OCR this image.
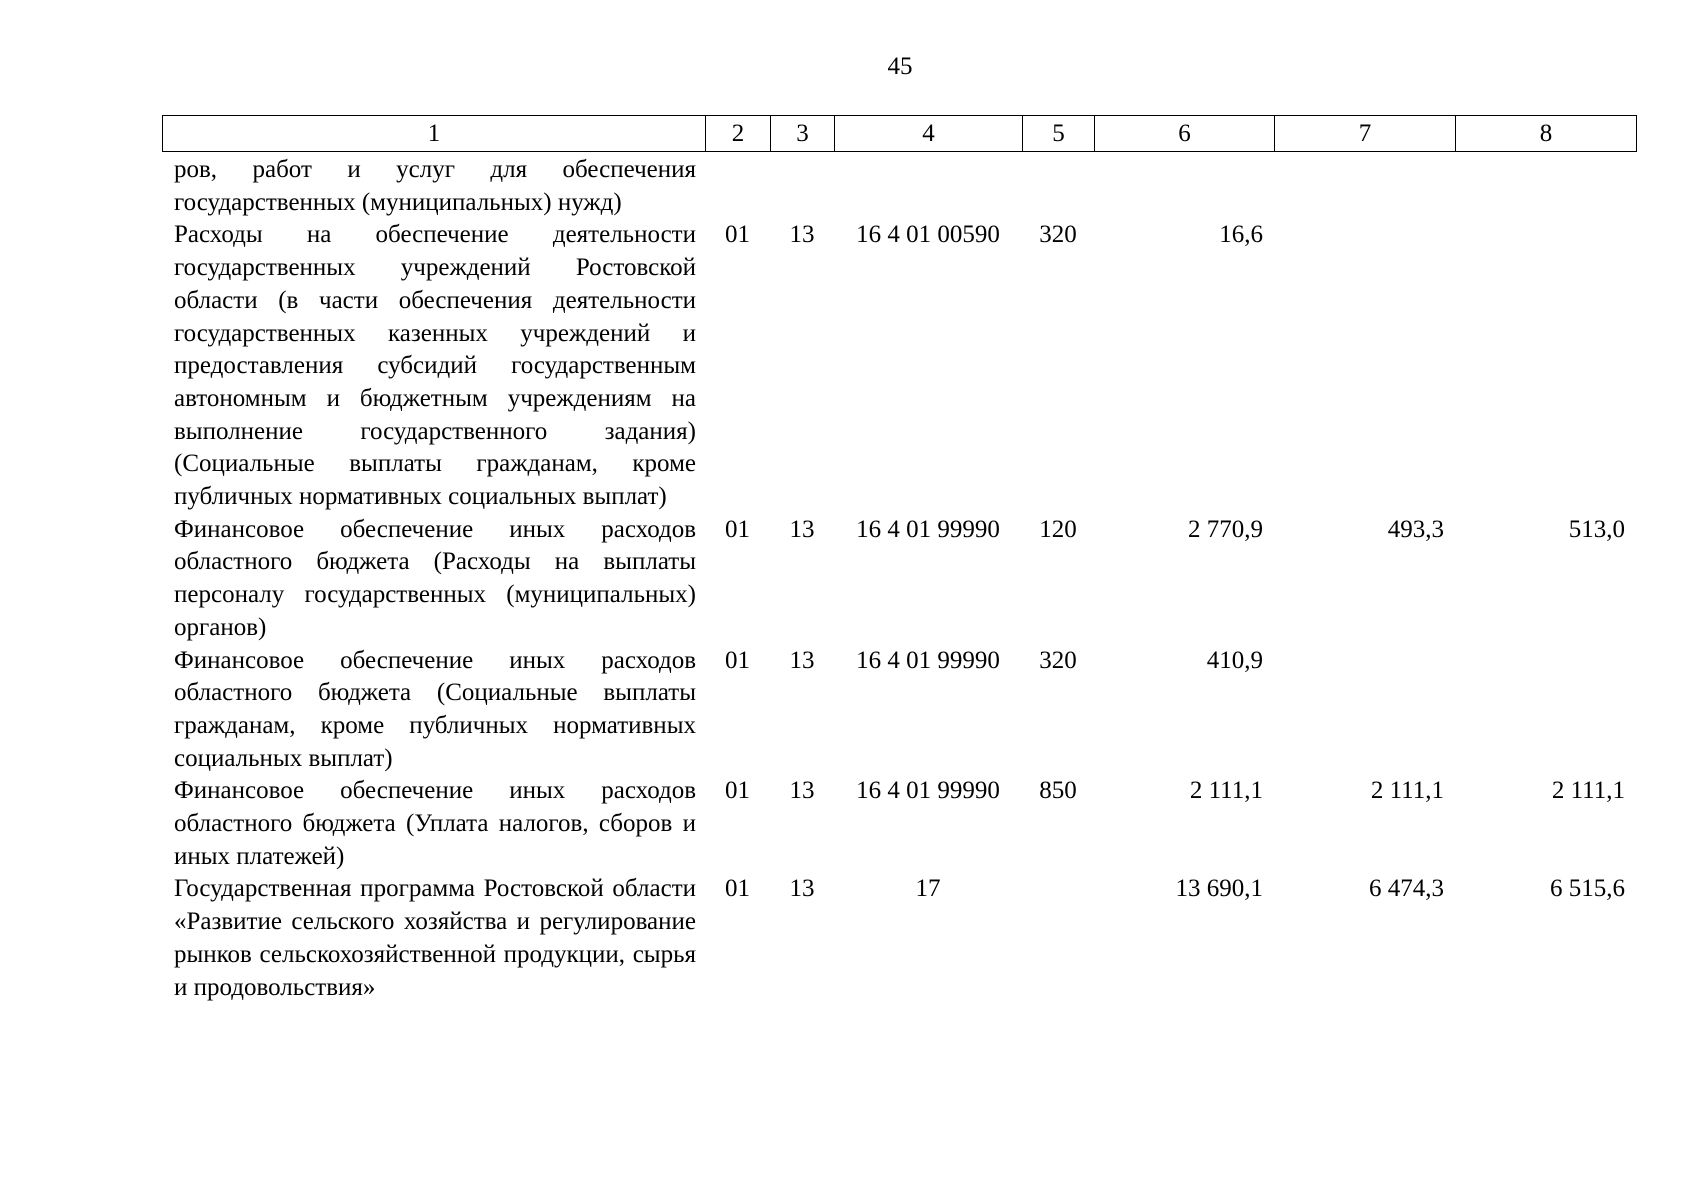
45
1	2	3	4	5	6	7	8
ров, работ и услуг для обеспечения государственных (муниципальных) нужд)							
Расходы на обеспечение деятельности государственных учреждений Ростовской области (в части обеспечения деятельности государственных казенных учреждений и предоставления субсидий государственным автономным и бюджетным учреждениям на выполнение государственного задания) (Социальные выплаты гражданам, кроме публичных нормативных социальных выплат)	01	13	16 4 01 00590	320	16,6		
Финансовое обеспечение иных расходов областного бюджета (Расходы на выплаты персоналу государственных (муниципальных) органов)	01	13	16 4 01 99990	120	2 770,9	493,3	513,0
Финансовое обеспечение иных расходов областного бюджета (Социальные выплаты гражданам, кроме публичных нормативных социальных выплат)	01	13	16 4 01 99990	320	410,9		
Финансовое обеспечение иных расходов областного бюджета (Уплата налогов, сборов и иных платежей)	01	13	16 4 01 99990	850	2 111,1	2 111,1	2 111,1
Государственная программа Ростовской области «Развитие сельского хозяйства и регулирование рынков сельскохозяйственной продукции, сырья и продовольствия»	01	13	17		13 690,1	6 474,3	6 515,6
